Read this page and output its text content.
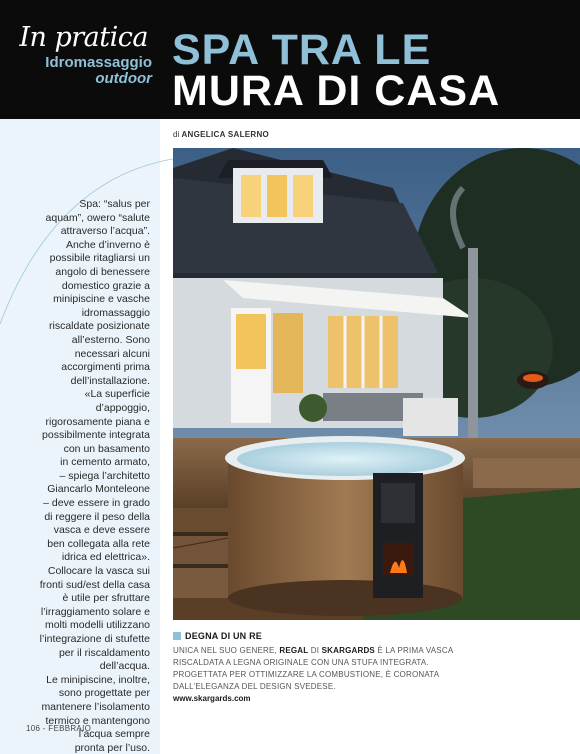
In pratica
Idromassaggio
outdoor
SPA TRA LE
MURA DI CASA
Spa: “salus per
aquam”, owero “salute
attraverso l’acqua”.
Anche d’inverno è
possibile ritagliarsi un
angolo di benessere
domestico grazie a
minipiscine e vasche
idromassaggio
riscaldate posizionate
all’esterno. Sono
necessari alcuni
accorgimenti prima
dell’installazione.
«La superficie
d’appoggio,
rigorosamente piana e
possibilmente integrata
con un basamento
in cemento armato,
– spiega l’architetto
Giancarlo Monteleone
– deve essere in grado
di reggere il peso della
vasca e deve essere
ben collegata alla rete
idrica ed elettrica».
Collocare la vasca sui
fronti sud/est della casa
è utile per sfruttare
l’irraggiamento solare e
molti modelli utilizzano
l’integrazione di stufette
per il riscaldamento
dell’acqua.
Le minipiscine, inoltre,
sono progettate per
mantenere l’isolamento
termico e mantengono
l’acqua sempre
pronta per l’uso.
di ANGELICA SALERNO
DEGNA DI UN RE
UNICA NEL SUO GENERE, REGAL DI SKARGARDS È LA PRIMA VASCA RISCALDATA A LEGNA ORIGINALE CON UNA STUFA INTEGRATA. PROGETTATA PER OTTIMIZZARE LA COMBUSTIONE, È CORONATA DALL’ELEGANZA DEL DESIGN SVEDESE.
www.skargards.com
106 - FEBBRAIO
